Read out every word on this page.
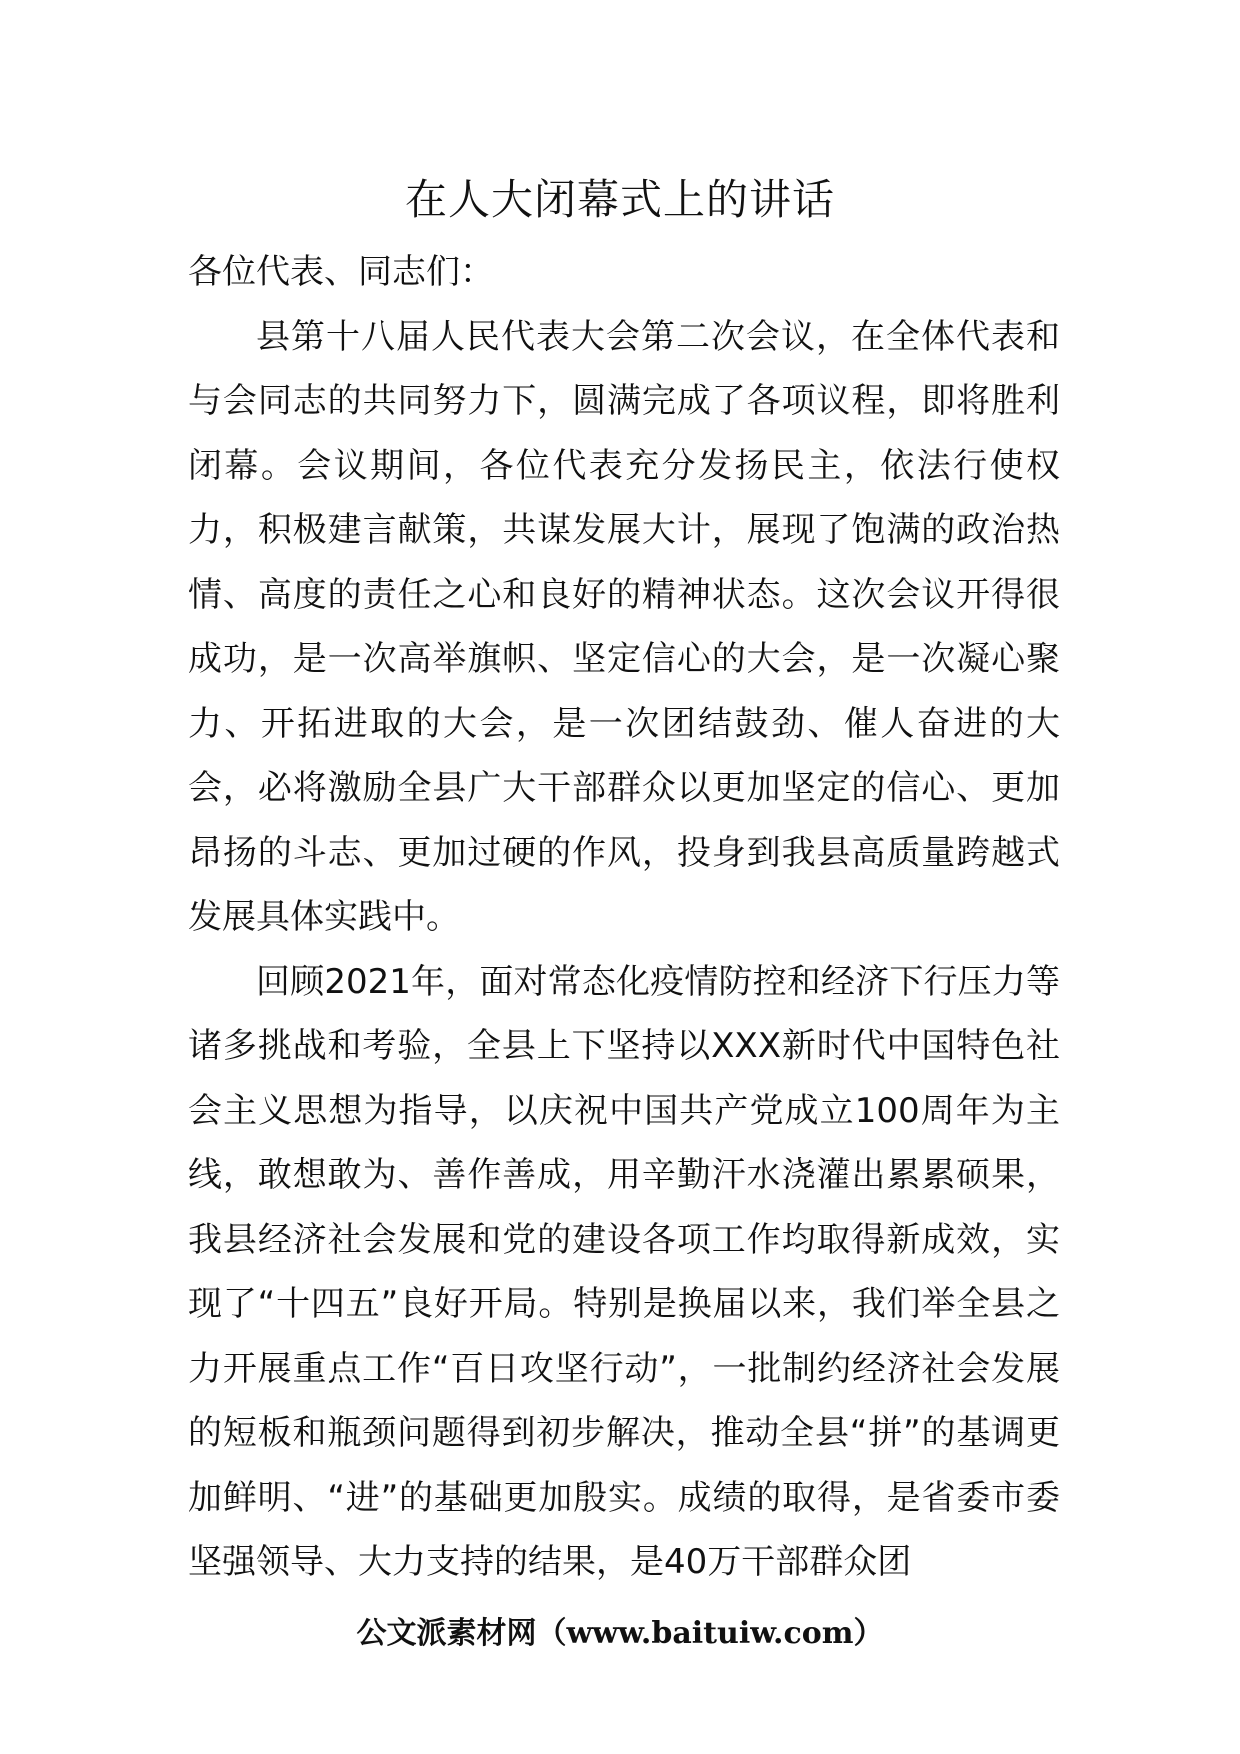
在人大闭幕式上的讲话

各位代表、同志们：

县第十八届人民代表大会第二次会议，在全体代表和与会同志的共同努力下，圆满完成了各项议程，即将胜利闭幕。会议期间，各位代表充分发扬民主，依法行使权力，积极建言献策，共谋发展大计，展现了饱满的政治热情、高度的责任之心和良好的精神状态。这次会议开得很成功，是一次高举旗帜、坚定信心的大会，是一次凝心聚力、开拓进取的大会，是一次团结鼓劲、催人奋进的大会，必将激励全县广大干部群众以更加坚定的信心、更加昂扬的斗志、更加过硬的作风，投身到我县高质量跨越式发展具体实践中。

回顾2021年，面对常态化疫情防控和经济下行压力等诸多挑战和考验，全县上下坚持以XXX新时代中国特色社会主义思想为指导，以庆祝中国共产党成立100周年为主线，敢想敢为、善作善成，用辛勤汗水浇灌出累累硕果，我县经济社会发展和党的建设各项工作均取得新成效，实现了“十四五”良好开局。特别是换届以来，我们举全县之力开展重点工作“百日攻坚行动”，一批制约经济社会发展的短板和瓶颈问题得到初步解决，推动全县“拼”的基调更加鲜明、“进”的基础更加殷实。成绩的取得，是省委市委坚强领导、大力支持的结果，是40万干部群众团

公文派素材网（www.baituiw.com）
